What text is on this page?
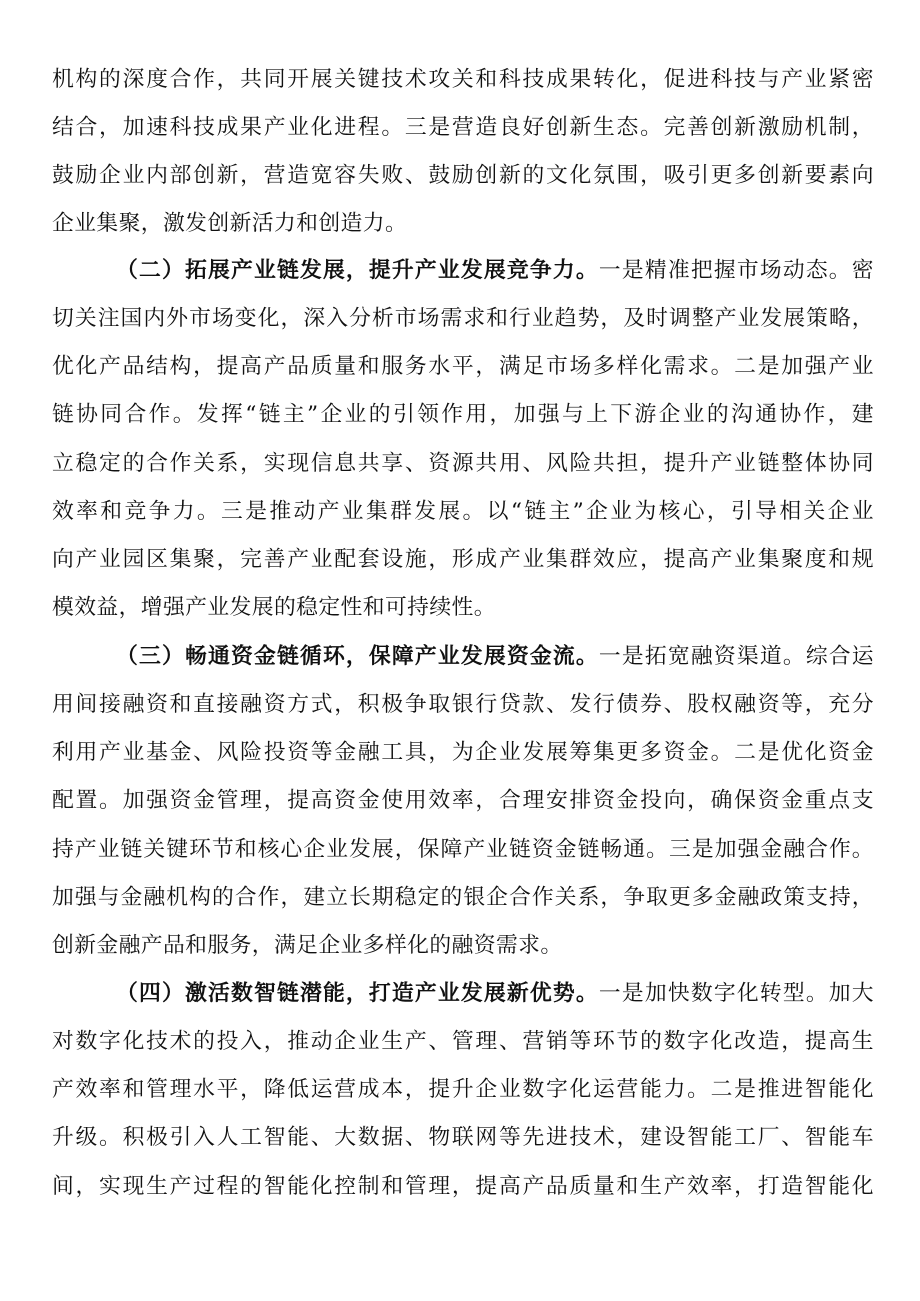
机构的深度合作，共同开展关键技术攻关和科技成果转化，促进科技与产业紧密
结合，加速科技成果产业化进程。三是营造良好创新生态。完善创新激励机制，
鼓励企业内部创新，营造宽容失败、鼓励创新的文化氛围，吸引更多创新要素向
企业集聚，激发创新活力和创造力。
（二）拓展产业链发展，提升产业发展竞争力。一是精准把握市场动态。密
切关注国内外市场变化，深入分析市场需求和行业趋势，及时调整产业发展策略，
优化产品结构，提高产品质量和服务水平，满足市场多样化需求。二是加强产业
链协同合作。发挥“链主”企业的引领作用，加强与上下游企业的沟通协作，建
立稳定的合作关系，实现信息共享、资源共用、风险共担，提升产业链整体协同
效率和竞争力。三是推动产业集群发展。以“链主”企业为核心，引导相关企业
向产业园区集聚，完善产业配套设施，形成产业集群效应，提高产业集聚度和规
模效益，增强产业发展的稳定性和可持续性。
（三）畅通资金链循环，保障产业发展资金流。一是拓宽融资渠道。综合运
用间接融资和直接融资方式，积极争取银行贷款、发行债券、股权融资等，充分
利用产业基金、风险投资等金融工具，为企业发展筹集更多资金。二是优化资金
配置。加强资金管理，提高资金使用效率，合理安排资金投向，确保资金重点支
持产业链关键环节和核心企业发展，保障产业链资金链畅通。三是加强金融合作。
加强与金融机构的合作，建立长期稳定的银企合作关系，争取更多金融政策支持，
创新金融产品和服务，满足企业多样化的融资需求。
（四）激活数智链潜能，打造产业发展新优势。一是加快数字化转型。加大
对数字化技术的投入，推动企业生产、管理、营销等环节的数字化改造，提高生
产效率和管理水平，降低运营成本，提升企业数字化运营能力。二是推进智能化
升级。积极引入人工智能、大数据、物联网等先进技术，建设智能工厂、智能车
间，实现生产过程的智能化控制和管理，提高产品质量和生产效率，打造智能化
